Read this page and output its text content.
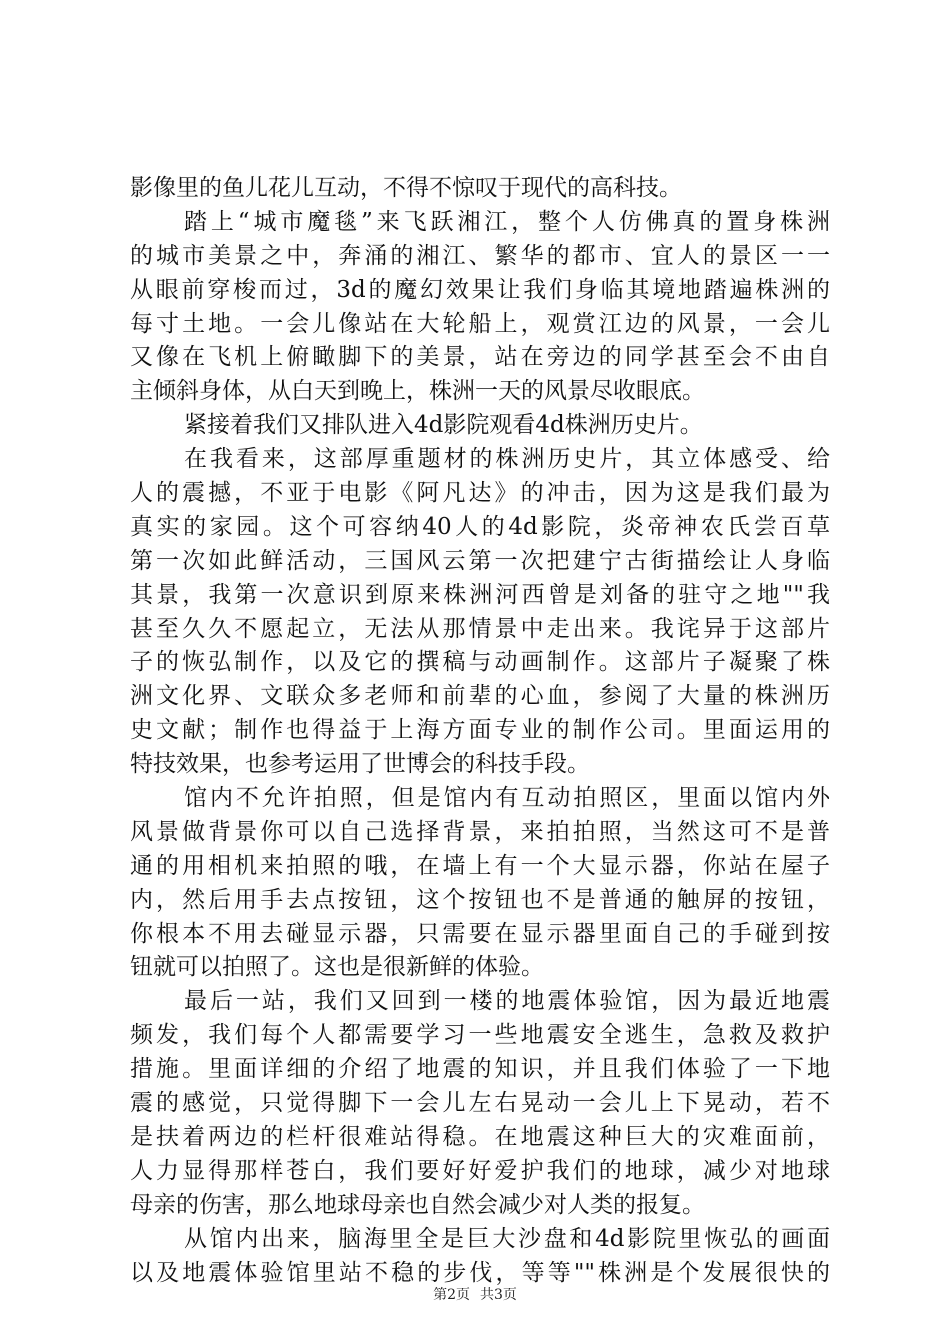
影像里的鱼儿花儿互动，不得不惊叹于现代的高科技。
踏上“城市魔毯”来飞跃湘江，整个人仿佛真的置身株洲
的城市美景之中，奔涌的湘江、繁华的都市、宜人的景区一一
从眼前穿梭而过，3d的魔幻效果让我们身临其境地踏遍株洲的
每寸土地。一会儿像站在大轮船上，观赏江边的风景，一会儿
又像在飞机上俯瞰脚下的美景，站在旁边的同学甚至会不由自
主倾斜身体，从白天到晚上，株洲一天的风景尽收眼底。
紧接着我们又排队进入4d影院观看4d株洲历史片。
在我看来，这部厚重题材的株洲历史片，其立体感受、给
人的震撼，不亚于电影《阿凡达》的冲击，因为这是我们最为
真实的家园。这个可容纳40人的4d影院，炎帝神农氏尝百草
第一次如此鲜活动，三国风云第一次把建宁古街描绘让人身临
其景，我第一次意识到原来株洲河西曾是刘备的驻守之地""我
甚至久久不愿起立，无法从那情景中走出来。我诧异于这部片
子的恢弘制作，以及它的撰稿与动画制作。这部片子凝聚了株
洲文化界、文联众多老师和前辈的心血，参阅了大量的株洲历
史文献；制作也得益于上海方面专业的制作公司。里面运用的
特技效果，也参考运用了世博会的科技手段。
馆内不允许拍照，但是馆内有互动拍照区，里面以馆内外
风景做背景你可以自己选择背景，来拍拍照，当然这可不是普
通的用相机来拍照的哦，在墙上有一个大显示器，你站在屋子
内，然后用手去点按钮，这个按钮也不是普通的触屏的按钮，
你根本不用去碰显示器，只需要在显示器里面自己的手碰到按
钮就可以拍照了。这也是很新鲜的体验。
最后一站，我们又回到一楼的地震体验馆，因为最近地震
频发，我们每个人都需要学习一些地震安全逃生，急救及救护
措施。里面详细的介绍了地震的知识，并且我们体验了一下地
震的感觉，只觉得脚下一会儿左右晃动一会儿上下晃动，若不
是扶着两边的栏杆很难站得稳。在地震这种巨大的灾难面前，
人力显得那样苍白，我们要好好爱护我们的地球，减少对地球
母亲的伤害，那么地球母亲也自然会减少对人类的报复。
从馆内出来，脑海里全是巨大沙盘和4d影院里恢弘的画面
以及地震体验馆里站不稳的步伐，等等""株洲是个发展很快的
第2页 共3页
